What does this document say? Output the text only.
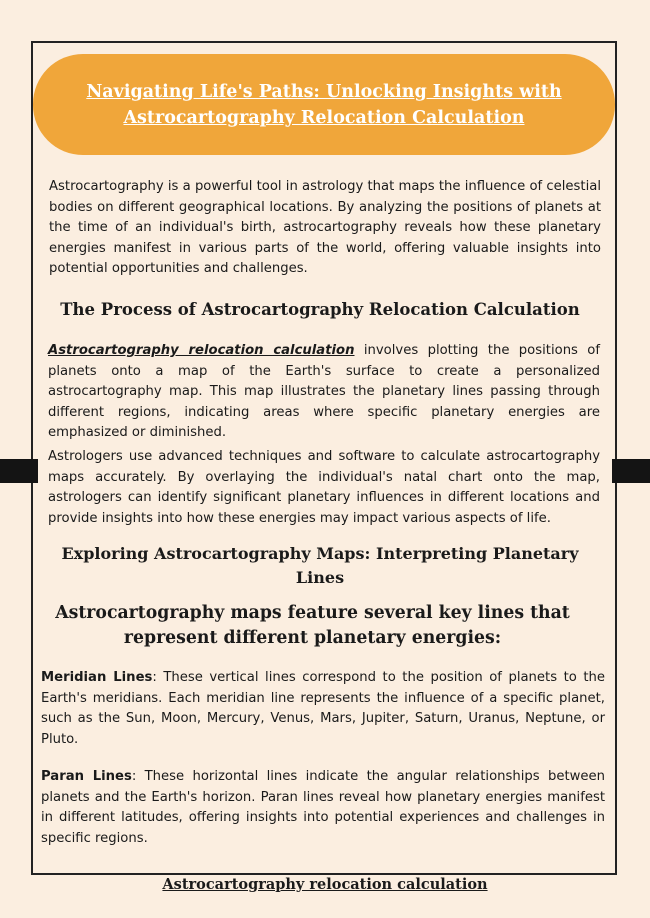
Navigating Life's Paths: Unlocking Insights with Astrocartography Relocation Calculation

Astrocartography is a powerful tool in astrology that maps the influence of celestial bodies on different geographical locations. By analyzing the positions of planets at the time of an individual's birth, astrocartography reveals how these planetary energies manifest in various parts of the world, offering valuable insights into potential opportunities and challenges.

The Process of Astrocartography Relocation Calculation

Astrocartography relocation calculation involves plotting the positions of planets onto a map of the Earth's surface to create a personalized astrocartography map. This map illustrates the planetary lines passing through different regions, indicating areas where specific planetary energies are emphasized or diminished.

Astrologers use advanced techniques and software to calculate astrocartography maps accurately. By overlaying the individual's natal chart onto the map, astrologers can identify significant planetary influences in different locations and provide insights into how these energies may impact various aspects of life.

Exploring Astrocartography Maps: Interpreting Planetary Lines
Astrocartography maps feature several key lines that represent different planetary energies:

Meridian Lines: These vertical lines correspond to the position of planets to the Earth's meridians. Each meridian line represents the influence of a specific planet, such as the Sun, Moon, Mercury, Venus, Mars, Jupiter, Saturn, Uranus, Neptune, or Pluto.

Paran Lines: These horizontal lines indicate the angular relationships between planets and the Earth's horizon. Paran lines reveal how planetary energies manifest in different latitudes, offering insights into potential experiences and challenges in specific regions.

Astrocartography relocation calculation
